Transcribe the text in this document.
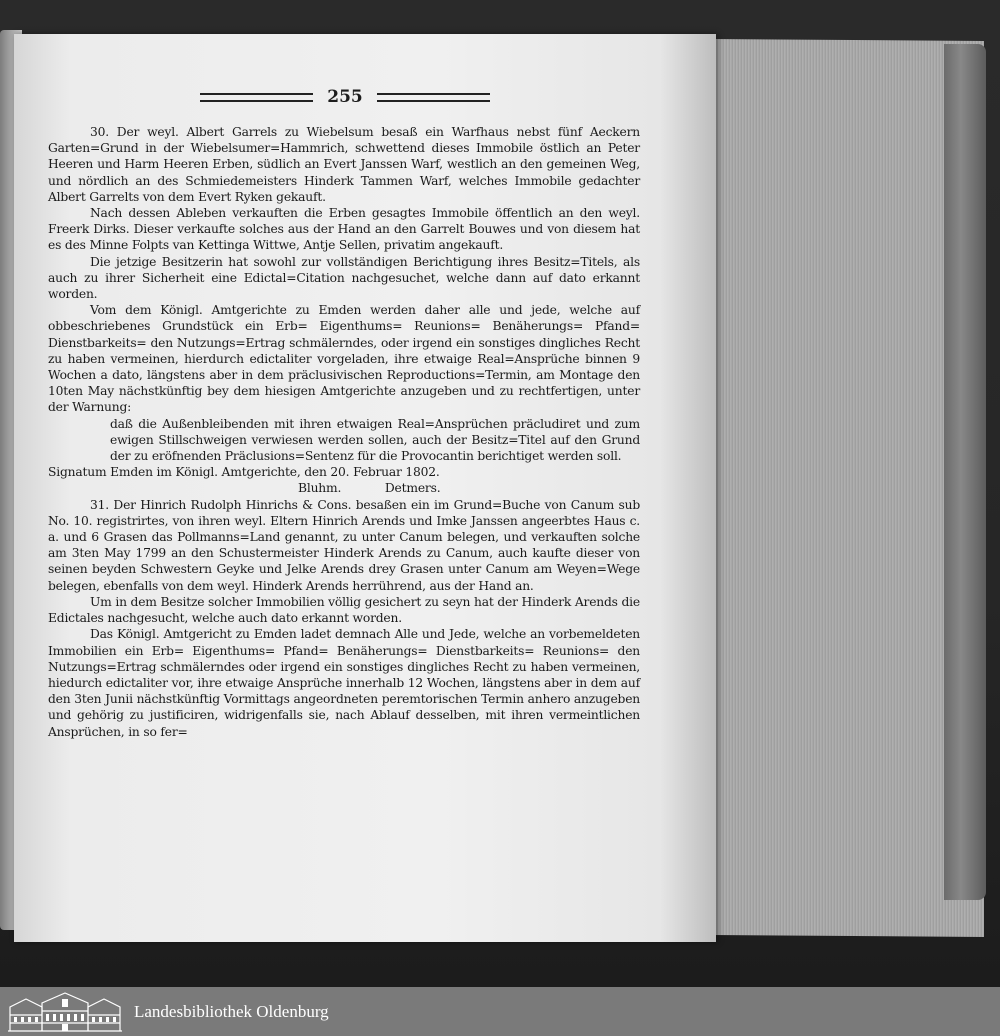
255

30. Der weyl. Albert Garrels zu Wiebelsum besaß ein Warfhaus nebst fünf Aeckern Garten=Grund in der Wiebelsumer=Hammrich, schwettend dieses Immobile östlich an Peter Heeren und Harm Heeren Erben, südlich an Evert Janssen Warf, westlich an den gemeinen Weg, und nördlich an des Schmiedemeisters Hinderk Tammen Warf, welches Immobile gedachter Albert Garrelts von dem Evert Ryken gekauft.

Nach dessen Ableben verkauften die Erben gesagtes Immobile öffentlich an den weyl. Freerk Dirks. Dieser verkaufte solches aus der Hand an den Garrelt Bouwes und von diesem hat es des Minne Folpts van Kettinga Wittwe, Antje Sellen, privatim angekauft.

Die jetzige Besitzerin hat sowohl zur vollständigen Berichtigung ihres Besitz=Titels, als auch zu ihrer Sicherheit eine Edictal=Citation nachgesuchet, welche dann auf dato erkannt worden.

Vom dem Königl. Amtgerichte zu Emden werden daher alle und jede, welche auf obbeschriebenes Grundstück ein Erb= Eigenthums= Reunions= Benäherungs= Pfand= Dienstbarkeits= den Nutzungs=Ertrag schmälerndes, oder irgend ein sonstiges dingliches Recht zu haben vermeinen, hierdurch edictaliter vorgeladen, ihre etwaige Real=Ansprüche binnen 9 Wochen a dato, längstens aber in dem präclusivischen Reproductions=Termin, am Montage den 10ten May nächstkünftig bey dem hiesigen Amtgerichte anzugeben und zu rechtfertigen, unter der Warnung:

daß die Außenbleibenden mit ihren etwaigen Real=Ansprüchen präcludiret und zum ewigen Stillschweigen verwiesen werden sollen, auch der Besitz=Titel auf den Grund der zu eröfnenden Präclusions=Sentenz für die Provocantin berichtiget werden soll.

Signatum Emden im Königl. Amtgerichte, den 20. Februar 1802.

Bluhm. Detmers.

31. Der Hinrich Rudolph Hinrichs & Cons. besaßen ein im Grund=Buche von Canum sub No. 10. registrirtes, von ihren weyl. Eltern Hinrich Arends und Imke Janssen angeerbtes Haus c. a. und 6 Grasen das Pollmanns=Land genannt, zu unter Canum belegen, und verkauften solche am 3ten May 1799 an den Schustermeister Hinderk Arends zu Canum, auch kaufte dieser von seinen beyden Schwestern Geyke und Jelke Arends drey Grasen unter Canum am Weyen=Wege belegen, ebenfalls von dem weyl. Hinderk Arends herrührend, aus der Hand an.

Um in dem Besitze solcher Immobilien völlig gesichert zu seyn hat der Hinderk Arends die Edictales nachgesucht, welche auch dato erkannt worden.

Das Königl. Amtgericht zu Emden ladet demnach Alle und Jede, welche an vorbemeldeten Immobilien ein Erb= Eigenthums= Pfand= Benäherungs= Dienstbarkeits= Reunions= den Nutzungs=Ertrag schmälerndes oder irgend ein sonstiges dingliches Recht zu haben vermeinen, hiedurch edictaliter vor, ihre etwaige Ansprüche innerhalb 12 Wochen, längstens aber in dem auf den 3ten Junii nächstkünftig Vormittags angeordneten peremtorischen Termin anhero anzugeben und gehörig zu justificiren, widrigenfalls sie, nach Ablauf desselben, mit ihren vermeintlichen Ansprüchen, in so fer=

Landesbibliothek Oldenburg
